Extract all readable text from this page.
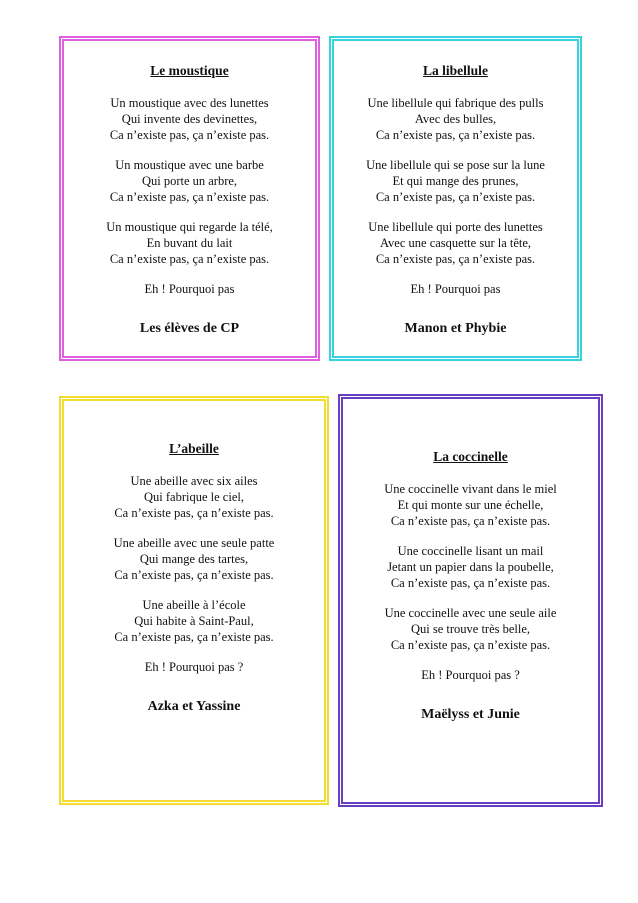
Le moustique
Un moustique avec des lunettes
Qui invente des devinettes,
Ca n’existe pas, ça n’existe pas.
Un moustique avec une barbe
Qui porte un arbre,
Ca n’existe pas, ça n’existe pas.
Un moustique qui regarde la télé,
En buvant du lait
Ca n’existe pas, ça n’existe pas.
Eh ! Pourquoi pas
Les élèves de CP
La libellule
Une libellule qui fabrique des pulls
Avec des bulles,
Ca n’existe pas, ça n’existe pas.
Une libellule qui se pose sur la lune
Et qui mange des prunes,
Ca n’existe pas, ça n’existe pas.
Une libellule qui porte des lunettes
Avec une casquette sur la tête,
Ca n’existe pas, ça n’existe pas.
Eh ! Pourquoi pas
Manon et Phybie
L’abeille
Une abeille avec six ailes
Qui fabrique le ciel,
Ca n’existe pas, ça n’existe pas.
Une abeille avec une seule patte
Qui mange des tartes,
Ca n’existe pas, ça n’existe pas.
Une abeille à l’école
Qui habite à Saint-Paul,
Ca n’existe pas, ça n’existe pas.
Eh ! Pourquoi pas ?
Azka et Yassine
La coccinelle
Une coccinelle vivant dans le miel
Et qui monte sur une échelle,
Ca n’existe pas, ça n’existe pas.
Une coccinelle lisant un mail
Jetant un papier dans la poubelle,
Ca n’existe pas, ça n’existe pas.
Une coccinelle avec une seule aile
Qui se trouve très belle,
Ca n’existe pas, ça n’existe pas.
Eh ! Pourquoi pas ?
Maëlyss et Junie
